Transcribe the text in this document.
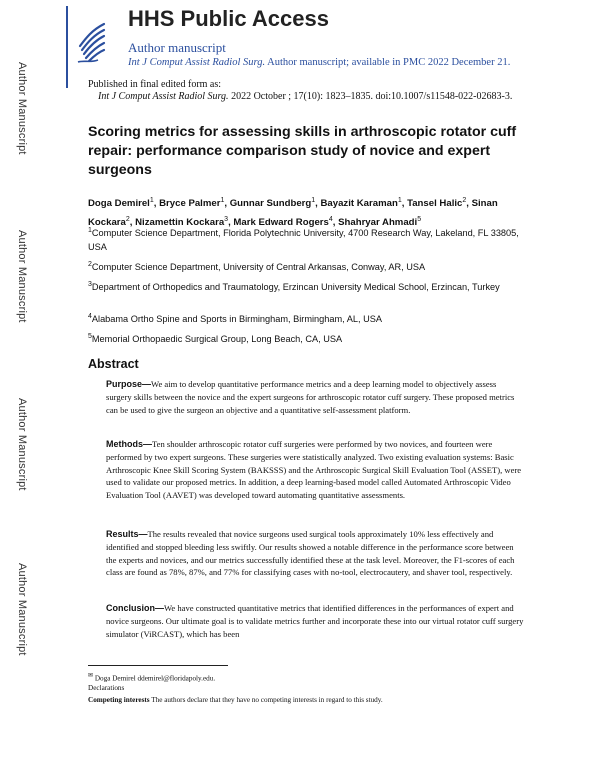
Author Manuscript
Author Manuscript
Author Manuscript
Author Manuscript
HHS Public Access
Author manuscript
Int J Comput Assist Radiol Surg. Author manuscript; available in PMC 2022 December 21.
Published in final edited form as:
Int J Comput Assist Radiol Surg. 2022 October ; 17(10): 1823–1835. doi:10.1007/s11548-022-02683-3.
Scoring metrics for assessing skills in arthroscopic rotator cuff repair: performance comparison study of novice and expert surgeons
Doga Demirel$^1$, Bryce Palmer$^1$, Gunnar Sundberg$^1$, Bayazit Karaman$^1$, Tansel Halic$^2$, Sinan Kockara$^2$, Nizamettin Kockara$^3$, Mark Edward Rogers$^4$, Shahryar Ahmadi$^5$
$^1$Computer Science Department, Florida Polytechnic University, 4700 Research Way, Lakeland, FL 33805, USA
$^2$Computer Science Department, University of Central Arkansas, Conway, AR, USA
$^3$Department of Orthopedics and Traumatology, Erzincan University Medical School, Erzincan, Turkey
$^4$Alabama Ortho Spine and Sports in Birmingham, Birmingham, AL, USA
$^5$Memorial Orthopaedic Surgical Group, Long Beach, CA, USA
Abstract
Purpose—We aim to develop quantitative performance metrics and a deep learning model to objectively assess surgery skills between the novice and the expert surgeons for arthroscopic rotator cuff surgery. These proposed metrics can be used to give the surgeon an objective and a quantitative self-assessment platform.
Methods—Ten shoulder arthroscopic rotator cuff surgeries were performed by two novices, and fourteen were performed by two expert surgeons. These surgeries were statistically analyzed. Two existing evaluation systems: Basic Arthroscopic Knee Skill Scoring System (BAKSSS) and the Arthroscopic Surgical Skill Evaluation Tool (ASSET), were used to validate our proposed metrics. In addition, a deep learning-based model called Automated Arthroscopic Video Evaluation Tool (AAVET) was developed toward automating quantitative assessments.
Results—The results revealed that novice surgeons used surgical tools approximately 10% less effectively and identified and stopped bleeding less swiftly. Our results showed a notable difference in the performance score between the experts and novices, and our metrics successfully identified these at the task level. Moreover, the F1-scores of each class are found as 78%, 87%, and 77% for classifying cases with no-tool, electrocautery, and shaver tool, respectively.
Conclusion—We have constructed quantitative metrics that identified differences in the performances of expert and novice surgeons. Our ultimate goal is to validate metrics further and incorporate these into our virtual rotator cuff surgery simulator (ViRCAST), which has been
✉ Doga Demirel ddemirel@floridapoly.edu.
Declarations
Competing interests The authors declare that they have no competing interests in regard to this study.
